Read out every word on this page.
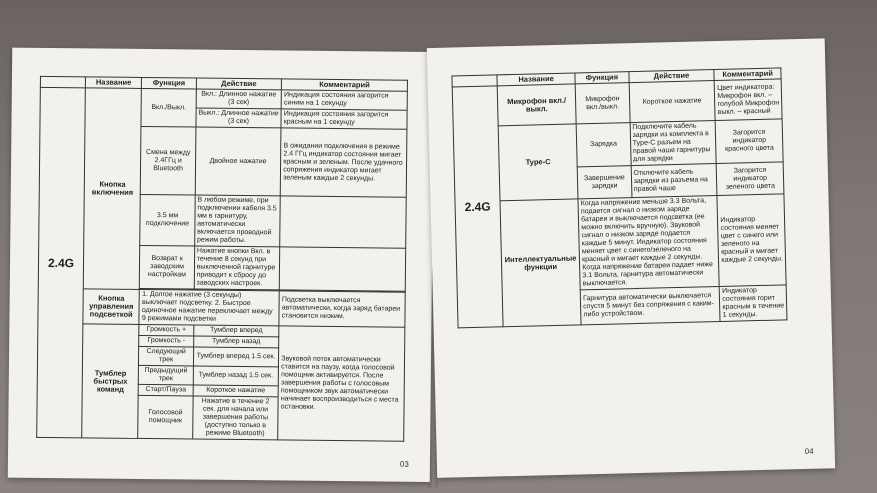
	Название	Функция	Действие	Комментарий
2.4G	Кнопка включения	Вкл./Выкл.	Вкл.: Длинное нажатие (3 сек)	Индикация состояния загорится синим на 1 секунду
			Выкл.: Длинное нажатие (3 сек)	Индикация состояния загорится красным на 1 секунду
		Смена между 2.4ГГц и Bluetooth	Двойное нажатие	В ожидании подключения в режиме 2.4 ГГц индикатор состояния мигает красным и зеленым. После удачного сопряжения индикатор мигает зеленым каждые 2 секунды.
		3.5 мм подключение	В любом режиме, при подключении кабеля 3.5 мм в гарнитуру, автоматически включается проводной режим работы.	
		Возврат к заводским настройкам	Нажатие кнопки Вкл. в течение 8 секунд при выключенной гарнитуре приводит к сбросу до заводских настроек.	

	Кнопка управления подсветкой	1. Долгое нажатие (3 секунды) выключает подсветку. 2. Быстрое одиночное нажатие переключает между 9 режимами подсветки		Подсветка выключается автоматически, когда заряд батареи становится низким.
	Тумблер быстрых команд	Громкость +	Тумблер вперед	Звуковой поток автоматически ставится на паузу, когда голосовой помощник активируется. После завершения работы с голосовым помощником звук автоматически начинает воспроизводиться с места остановки.
		Громкость -	Тумблер назад	
		Следующий трек	Тумблер вперед 1.5 сек.	
		Предыдущий трек	Тумблер назад 1.5 сек.	
		Старт/Пауза	Короткое нажатие	
		Голосовой помощник	Нажатие в течение 2 сек. для начала или завершения работы (доступно только в режиме Bluetooth)	
03
	Название	Функция	Действие	Комментарий
2.4G	Микрофон вкл./выкл.	Микрофон вкл./выкл.	Короткое нажатие	Цвет индикатора: Микрофон вкл. – голубой Микрофон выкл. – красный
	Type-C	Зарядка	Подключите кабель зарядки из комплекта в Type-C разъем на правой чаше гарнитуры для зарядки	Загорится индикатор красного цвета
		Завершение зарядки	Отключите кабель зарядки из разъема на правой чаше	Загорится индикатор зеленого цвета
	Интеллектуальные функции	Когда напряжение меньше 3.3 Вольта, подается сигнал о низком заряде батареи и выключается подсветка (ее можно включить вручную). Звуковой сигнал о низком заряде подается каждые 5 минут. Индикатор состояния меняет цвет с синего/зеленого на красный и мигает каждые 2 секунды. Когда напряжение батареи падает ниже 3.1 Вольта, гарнитура автоматически выключается.		Индикатор состояния меняет цвет с синего или зеленого на красный и мигает каждые 2 секунды.
		Гарнитура автоматически выключается спустя 5 минут без сопряжения с каким-либо устройством.		Индикатор состояния горит красным в течение 1 секунды.
04
